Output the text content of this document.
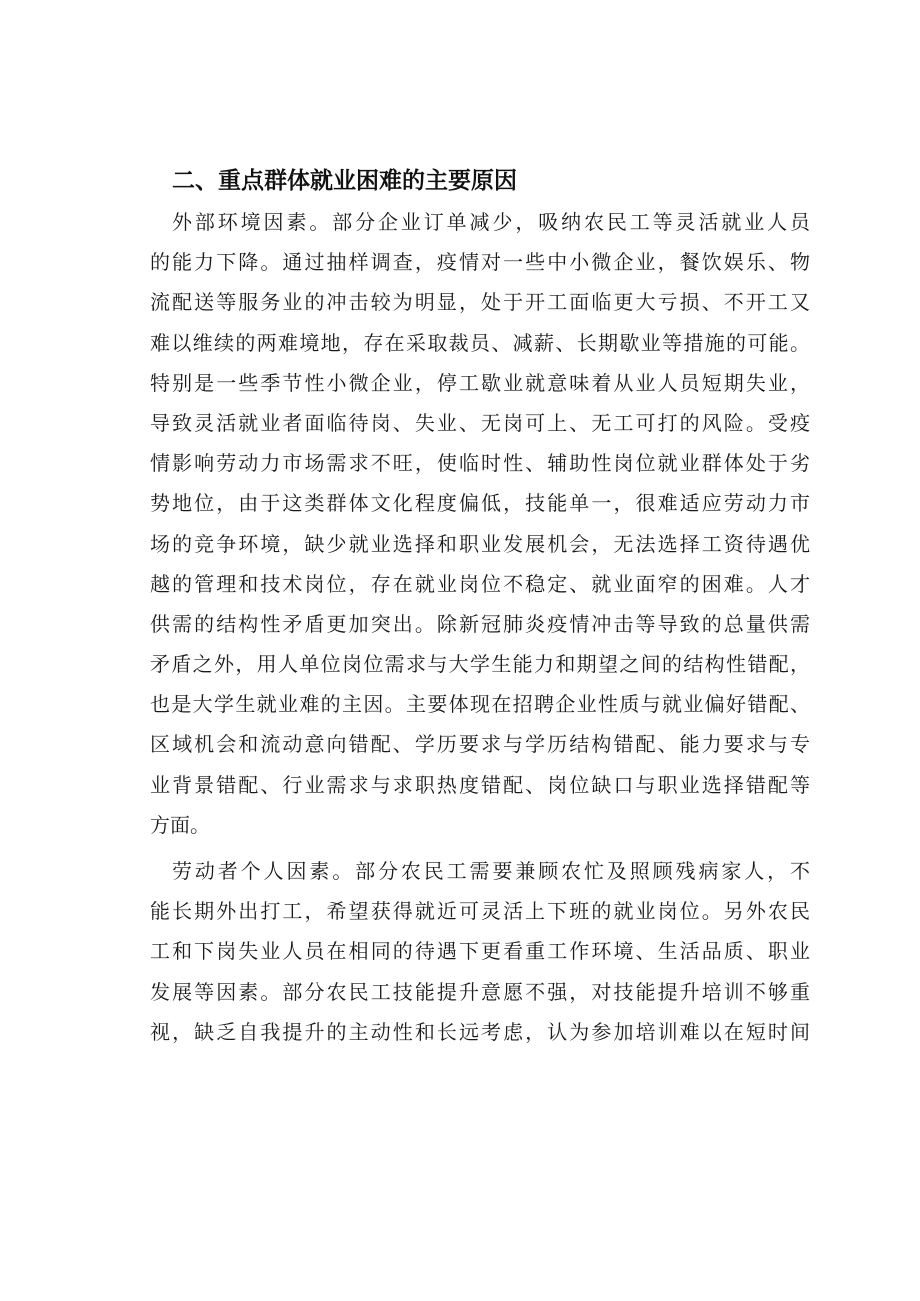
二、重点群体就业困难的主要原因
外部环境因素。部分企业订单减少，吸纳农民工等灵活就业人员
的能力下降。通过抽样调查，疫情对一些中小微企业，餐饮娱乐、物
流配送等服务业的冲击较为明显，处于开工面临更大亏损、不开工又
难以维续的两难境地，存在采取裁员、减薪、长期歇业等措施的可能。
特别是一些季节性小微企业，停工歇业就意味着从业人员短期失业，
导致灵活就业者面临待岗、失业、无岗可上、无工可打的风险。受疫
情影响劳动力市场需求不旺，使临时性、辅助性岗位就业群体处于劣
势地位，由于这类群体文化程度偏低，技能单一，很难适应劳动力市
场的竞争环境，缺少就业选择和职业发展机会，无法选择工资待遇优
越的管理和技术岗位，存在就业岗位不稳定、就业面窄的困难。人才
供需的结构性矛盾更加突出。除新冠肺炎疫情冲击等导致的总量供需
矛盾之外，用人单位岗位需求与大学生能力和期望之间的结构性错配，
也是大学生就业难的主因。主要体现在招聘企业性质与就业偏好错配、
区域机会和流动意向错配、学历要求与学历结构错配、能力要求与专
业背景错配、行业需求与求职热度错配、岗位缺口与职业选择错配等
方面。
劳动者个人因素。部分农民工需要兼顾农忙及照顾残病家人，不
能长期外出打工，希望获得就近可灵活上下班的就业岗位。另外农民
工和下岗失业人员在相同的待遇下更看重工作环境、生活品质、职业
发展等因素。部分农民工技能提升意愿不强，对技能提升培训不够重
视，缺乏自我提升的主动性和长远考虑，认为参加培训难以在短时间
